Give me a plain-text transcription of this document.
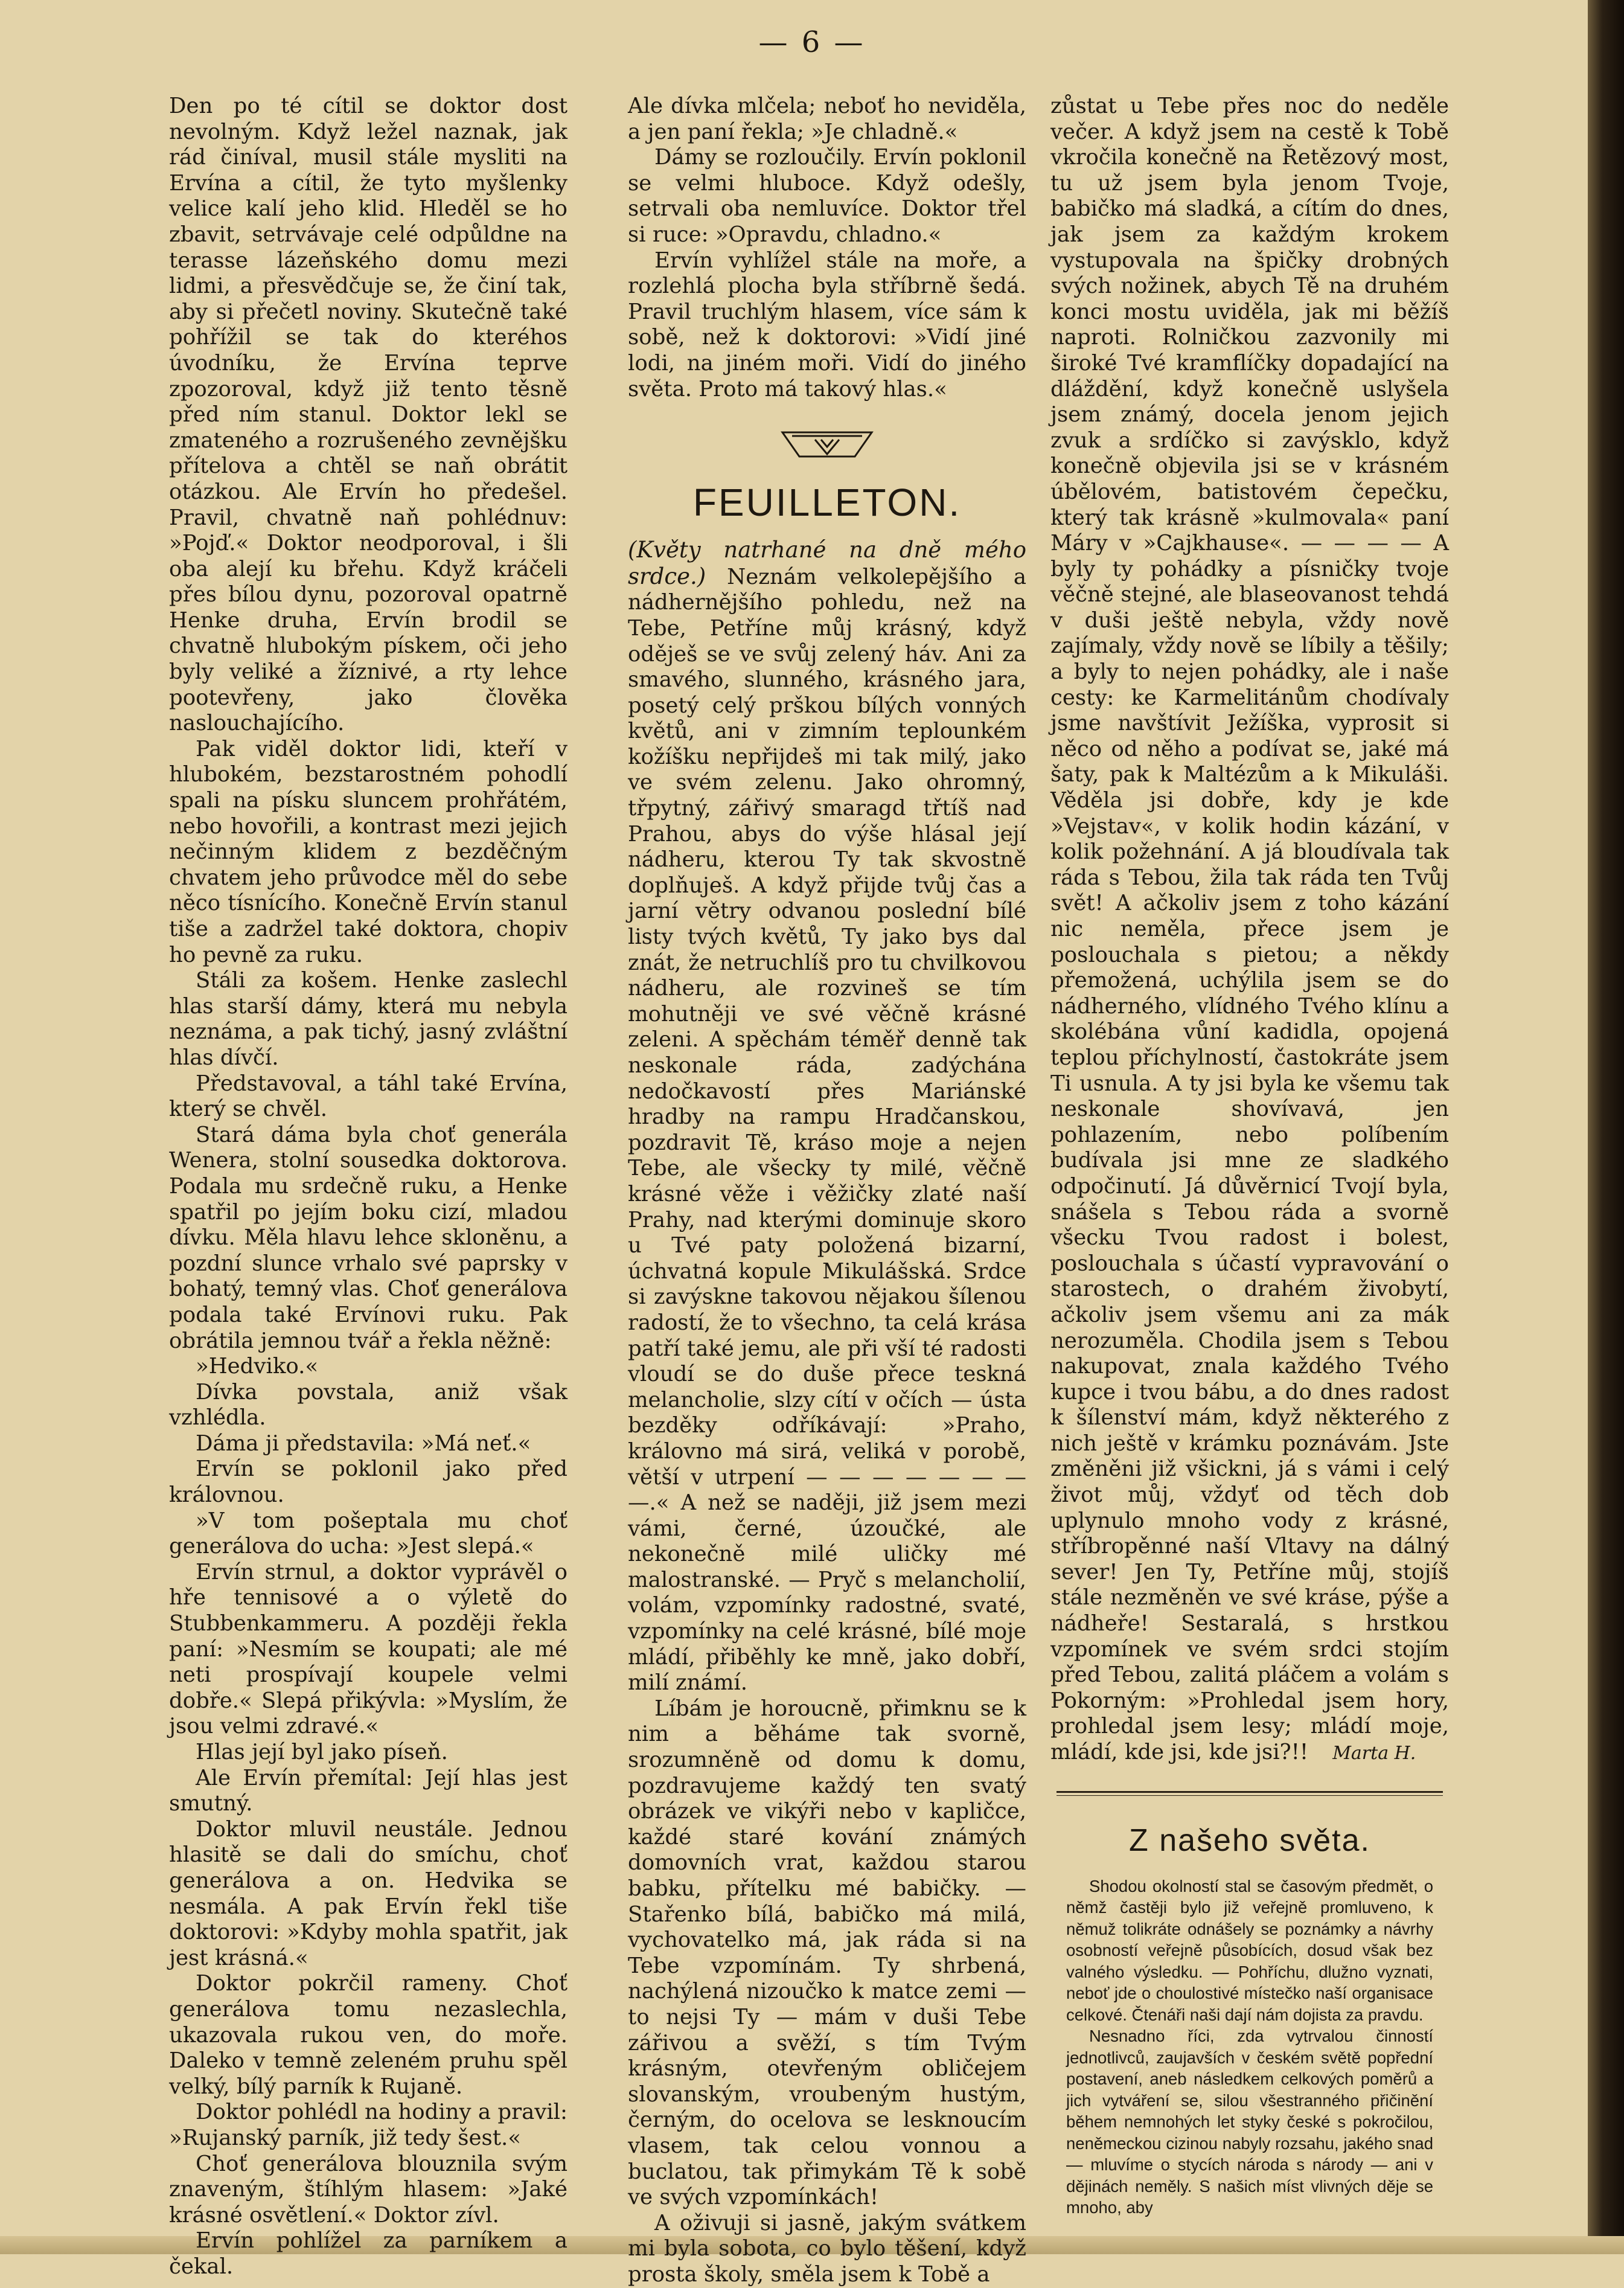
— 6 —

Den po té cítil se doktor dost nevolným. Když ležel naznak, jak rád činíval, musil stále mysliti na Ervína a cítil, že tyto myšlenky velice kalí jeho klid. Hleděl se ho zbavit, setrvávaje celé odpůldne na terasse lázeňského domu mezi lidmi, a přesvědčuje se, že činí tak, aby si přečetl noviny. Skutečně také pohřížil se tak do kteréhos úvodníku, že Ervína teprve zpozoroval, když již tento těsně před ním stanul. Doktor lekl se zmateného a rozrušeného zevnějšku přítelova a chtěl se naň obrátit otázkou. Ale Ervín ho předešel. Pravil, chvatně naň pohlédnuv: »Pojď.« Doktor neodporoval, i šli oba alejí ku břehu. Když kráčeli přes bílou dynu, pozoroval opatrně Henke druha, Ervín brodil se chvatně hlubokým pískem, oči jeho byly veliké a žíznivé, a rty lehce pootevřeny, jako člověka naslouchajícího.

Pak viděl doktor lidi, kteří v hlubokém, bezstarostném pohodlí spali na písku sluncem prohřátém, nebo hovořili, a kontrast mezi jejich nečinným klidem z bezděčným chvatem jeho průvodce měl do sebe něco tísnícího. Konečně Ervín stanul tiše a zadržel také doktora, chopiv ho pevně za ruku.

Stáli za košem. Henke zaslechl hlas starší dámy, která mu nebyla neznáma, a pak tichý, jasný zvláštní hlas dívčí.

Představoval, a táhl také Ervína, který se chvěl.

Stará dáma byla choť generála Wenera, stolní sousedka doktorova. Podala mu srdečně ruku, a Henke spatřil po jejím boku cizí, mladou dívku. Měla hlavu lehce skloněnu, a pozdní slunce vrhalo své paprsky v bohatý, temný vlas. Choť generálova podala také Ervínovi ruku. Pak obrátila jemnou tvář a řekla něžně:

»Hedviko.«

Dívka povstala, aniž však vzhlédla.

Dáma ji představila: »Má neť.«

Ervín se poklonil jako před královnou.

»V tom pošeptala mu choť generálova do ucha: »Jest slepá.«

Ervín strnul, a doktor vyprávěl o hře tennisové a o výletě do Stubbenkammeru. A později řekla paní: »Nesmím se koupati; ale mé neti prospívají koupele velmi dobře.« Slepá přikývla: »Myslím, že jsou velmi zdravé.«

Hlas její byl jako píseň.

Ale Ervín přemítal: Její hlas jest smutný.

Doktor mluvil neustále. Jednou hlasitě se dali do smíchu, choť generálova a on. Hedvika se nesmála. A pak Ervín řekl tiše doktorovi: »Kdyby mohla spatřit, jak jest krásná.«

Doktor pokrčil rameny. Choť generálova tomu nezaslechla, ukazovala rukou ven, do moře. Daleko v temně zeleném pruhu spěl velký, bílý parník k Rujaně.

Doktor pohlédl na hodiny a pravil: »Rujanský parník, již tedy šest.«

Choť generálova blouznila svým znaveným, štíhlým hlasem: »Jaké krásné osvětlení.« Doktor zívl.

Ervín pohlížel za parníkem a čekal.

Ale dívka mlčela; neboť ho neviděla, a jen paní řekla; »Je chladně.«

Dámy se rozloučily. Ervín poklonil se velmi hluboce. Když odešly, setrvali oba nemluvíce. Doktor třel si ruce: »Opravdu, chladno.«

Ervín vyhlížel stále na moře, a rozlehlá plocha byla stříbrně šedá. Pravil truchlým hlasem, více sám k sobě, než k doktorovi: »Vidí jiné lodi, na jiném moři. Vidí do jiného světa. Proto má takový hlas.«

FEUILLETON.

(Květy natrhané na dně mého srdce.) Neznám velkolepějšího a nádhernějšího pohledu, než na Tebe, Petříne můj krásný, když oděješ se ve svůj zelený háv. Ani za smavého, slunného, krásného jara, posetý celý prškou bílých vonných květů, ani v zimním teplounkém kožíšku nepřijdeš mi tak milý, jako ve svém zelenu. Jako ohromný, třpytný, zářivý smaragd třtíš nad Prahou, abys do výše hlásal její nádheru, kterou Ty tak skvostně doplňuješ. A když přijde tvůj čas a jarní větry odvanou poslední bílé listy tvých květů, Ty jako bys dal znát, že netruchlíš pro tu chvilkovou nádheru, ale rozvineš se tím mohutněji ve své věčně krásné zeleni. A spěchám téměř denně tak neskonale ráda, zadýchána nedočkavostí přes Mariánské hradby na rampu Hradčanskou, pozdravit Tě, kráso moje a nejen Tebe, ale všecky ty milé, věčně krásné věže i věžičky zlaté naší Prahy, nad kterými dominuje skoro u Tvé paty položená bizarní, úchvatná kopule Mikulášská. Srdce si zavýskne takovou nějakou šílenou radostí, že to všechno, ta celá krása patří také jemu, ale při vší té radosti vloudí se do duše přece teskná melancholie, slzy cítí v očích — ústa bezděky odříkávají: »Praho, královno má sirá, veliká v porobě, větší v utrpení — — — — — — — —.« A než se naději, již jsem mezi vámi, černé, úzoučké, ale nekonečně milé uličky mé malostranské. — Pryč s melancholií, volám, vzpomínky radostné, svaté, vzpomínky na celé krásné, bílé moje mládí, přiběhly ke mně, jako dobří, milí známí.

Líbám je horoucně, přimknu se k nim a běháme tak svorně, srozumněně od domu k domu, pozdravujeme každý ten svatý obrázek ve vikýři nebo v kapličce, každé staré kování známých domovních vrat, každou starou babku, přítelku mé babičky. — Stařenko bílá, babičko má milá, vychovatelko má, jak ráda si na Tebe vzpomínám. Ty shrbená, nachýlená nizoučko k matce zemi — to nejsi Ty — mám v duši Tebe zářivou a svěží, s tím Tvým krásným, otevřeným obličejem slovanským, vroubeným hustým, černým, do ocelova se lesknoucím vlasem, tak celou vonnou a buclatou, tak přimykám Tě k sobě ve svých vzpomínkách!

A oživuji si jasně, jakým svátkem mi byla sobota, co bylo těšení, když prosta školy, směla jsem k Tobě a

zůstat u Tebe přes noc do neděle večer. A když jsem na cestě k Tobě vkročila konečně na Řetězový most, tu už jsem byla jenom Tvoje, babičko má sladká, a cítím do dnes, jak jsem za každým krokem vystupovala na špičky drobných svých nožinek, abych Tě na druhém konci mostu uviděla, jak mi běžíš naproti. Rolničkou zazvonily mi široké Tvé kramflíčky dopadající na dláždění, když konečně uslyšela jsem známý, docela jenom jejich zvuk a srdíčko si zavýsklo, když konečně objevila jsi se v krásném úbělovém, batistovém čepečku, který tak krásně »kulmovala« paní Máry v »Cajkhause«. — — — — A byly ty pohádky a písničky tvoje věčně stejné, ale blaseovanost tehdá v duši ještě nebyla, vždy nově zajímaly, vždy nově se líbily a těšily; a byly to nejen pohádky, ale i naše cesty: ke Karmelitánům chodívaly jsme navštívit Ježíška, vyprosit si něco od něho a podívat se, jaké má šaty, pak k Maltézům a k Mikuláši. Věděla jsi dobře, kdy je kde »Vejstav«, v kolik hodin kázání, v kolik požehnání. A já bloudívala tak ráda s Tebou, žila tak ráda ten Tvůj svět! A ačkoliv jsem z toho kázání nic neměla, přece jsem je poslouchala s pietou; a někdy přemožená, uchýlila jsem se do nádherného, vlídného Tvého klínu a skolébána vůní kadidla, opojená teplou příchylností, častokráte jsem Ti usnula. A ty jsi byla ke všemu tak neskonale shovívavá, jen pohlazením, nebo políbením budívala jsi mne ze sladkého odpočinutí. Já důvěrnicí Tvojí byla, snášela s Tebou ráda a svorně všecku Tvou radost i bolest, poslouchala s účastí vypravování o starostech, o drahém živobytí, ačkoliv jsem všemu ani za mák nerozuměla. Chodila jsem s Tebou nakupovat, znala každého Tvého kupce i tvou bábu, a do dnes radost k šílenství mám, když některého z nich ještě v krámku poznávám. Jste změněni již všickni, já s vámi i celý život můj, vždyť od těch dob uplynulo mnoho vody z krásné, stříbropěnné naší Vltavy na dálný sever! Jen Ty, Petříne můj, stojíš stále nezměněn ve své kráse, pýše a nádheře! Sestaralá, s hrstkou vzpomínek ve svém srdci stojím před Tebou, zalitá pláčem a volám s Pokorným: »Prohledal jsem hory, prohledal jsem lesy; mládí moje, mládí, kde jsi, kde jsi?!! Marta H.

Z našeho světa.

Shodou okolností stal se časovým předmět, o němž častěji bylo již veřejně promluveno, k němuž tolikráte odnášely se poznámky a návrhy osobností veřejně působících, dosud však bez valného výsledku. — Pohříchu, dlužno vyznati, neboť jde o choulostivé místečko naší organisace celkové. Čtenáři naši dají nám dojista za pravdu.

Nesnadno říci, zda vytrvalou činností jednotlivců, zaujavších v českém světě popřední postavení, aneb následkem celkových poměrů a jich vytváření se, silou všestranného přičinění během nemnohých let styky české s pokročilou, neněmeckou cizinou nabyly rozsahu, jakého snad — mluvíme o stycích národa s národy — ani v dějinách neměly. S našich míst vlivných děje se mnoho, aby
